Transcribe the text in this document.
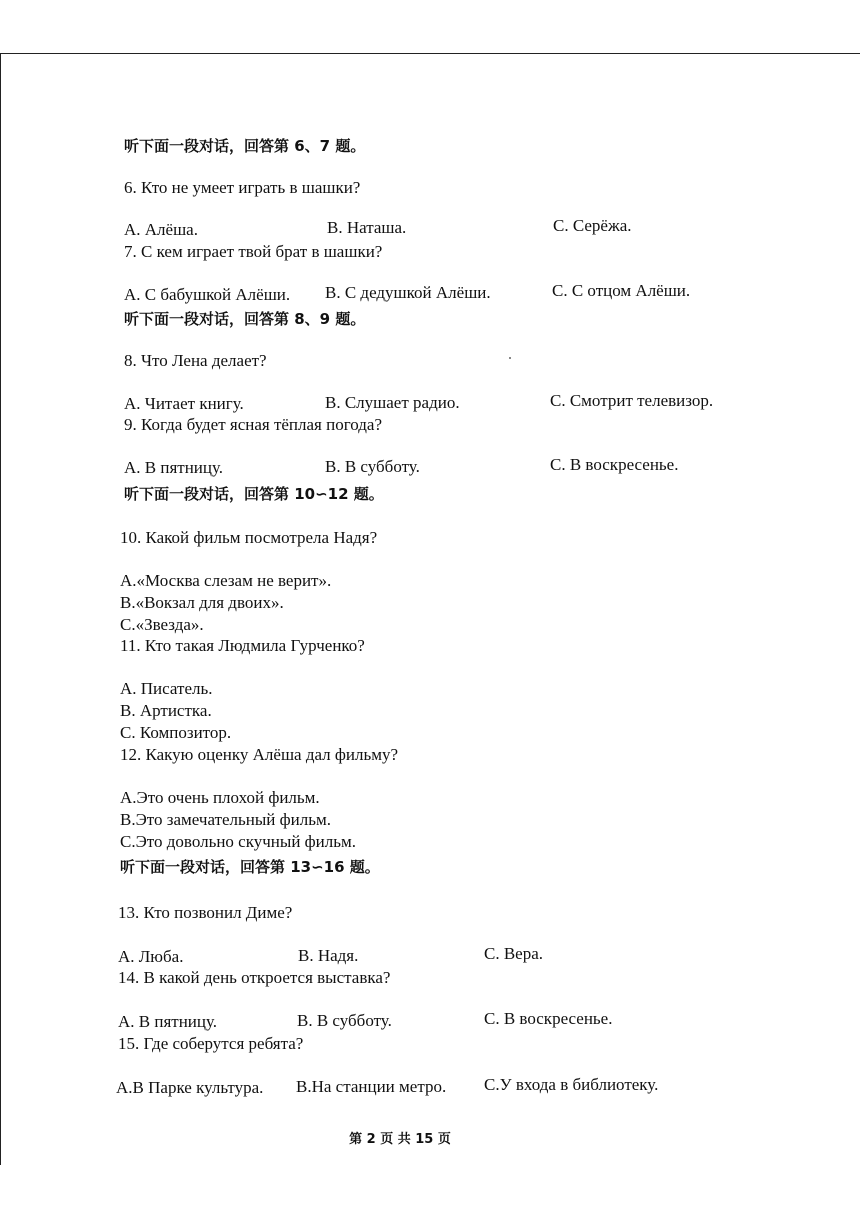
听下面一段对话，回答第 6、7 题。
6. Кто не умеет играть в шашки?
А. Алёша.	В. Наташа.	С. Серёжа.
7. С кем играет твой брат в шашки?
А. С бабушкой Алёши. В. С дедушкой Алёши.	С. С отцом Алёши.
听下面一段对话，回答第 8、9 题。
8. Что Лена делает?
А. Читает книгу.	В. Слушает радио.	С. Смотрит телевизор.
9. Когда будет ясная тёплая погода?
А. В пятницу.	В. В субботу.	С. В воскресенье.
听下面一段对话，回答第 10∽12 题。
10. Какой фильм посмотрела Надя?
А.«Москва слезам не верит».
В.«Вокзал для двоих».
С.«Звезда».
11. Кто такая Людмила Гурченко?
А. Писатель.
В. Артистка.
С. Композитор.
12. Какую оценку Алёша дал фильму?
А.Это очень плохой фильм.
В.Это замечательный фильм.
С.Это довольно скучный фильм.
听下面一段对话，回答第 13∽16 题。
13. Кто позвонил Диме?
А. Люба.	В. Надя.	С. Вера.
14. В какой день откроется выставка?
А. В пятницу.	В. В субботу.	С. В воскресенье.
15. Где соберутся ребята?
А.В Парке культура. В.На станции метро. С.У входа в библиотеку.
第 2 页 共 15 页
